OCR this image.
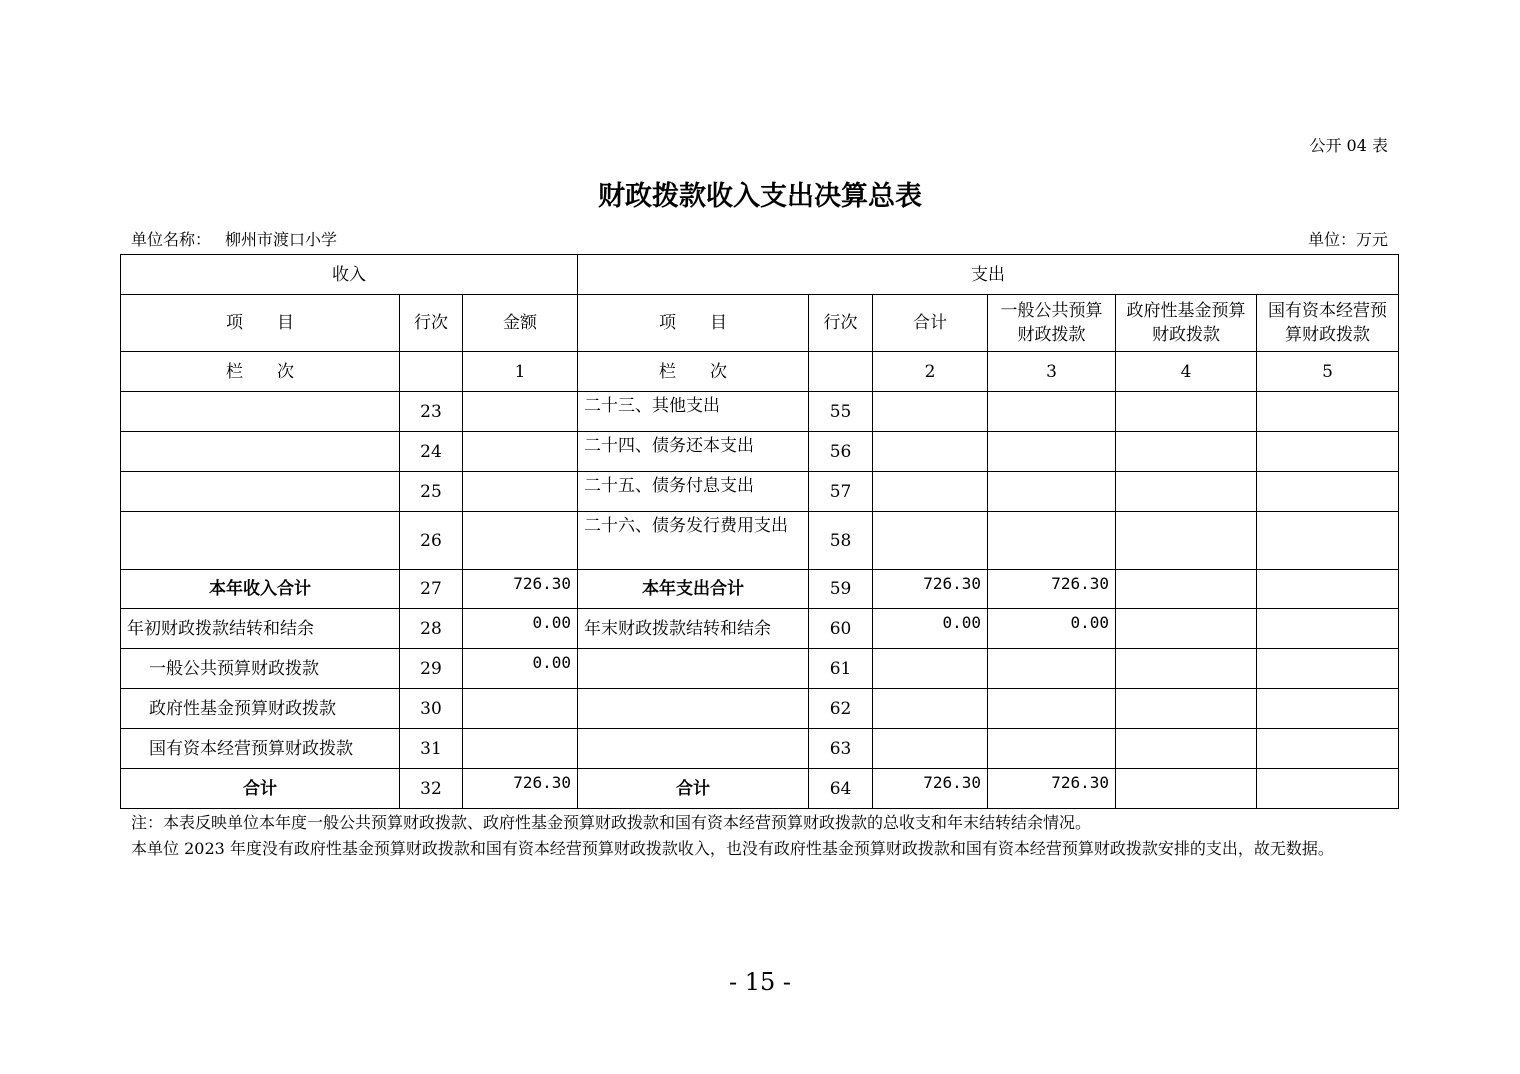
公开 04 表
财政拨款收入支出决算总表
单位名称： 柳州市渡口小学	单位：万元
收入			支出					
项　　目	行次	金额	项　　目	行次	合计	一般公共预算财政拨款	政府性基金预算财政拨款	国有资本经营预算财政拨款
栏　　次		1	栏　　次		2	3	4	5
	23		二十三、其他支出	55				
	24		二十四、债务还本支出	56				
	25		二十五、债务付息支出	57				
	26		二十六、债务发行费用支出	58				
本年收入合计	27	726.30	本年支出合计	59	726.30	726.30		
年初财政拨款结转和结余	28	0.00	年末财政拨款结转和结余	60	0.00	0.00		
一般公共预算财政拨款	29	0.00		61				
政府性基金预算财政拨款	30			62				
国有资本经营预算财政拨款	31			63				
合计	32	726.30	合计	64	726.30	726.30		

注：本表反映单位本年度一般公共预算财政拨款、政府性基金预算财政拨款和国有资本经营预算财政拨款的总收支和年末结转结余情况。

本单位 2023 年度没有政府性基金预算财政拨款和国有资本经营预算财政拨款收入，也没有政府性基金预算财政拨款和国有资本经营预算财政拨款安排的支出，故无数据。

- 15 -
